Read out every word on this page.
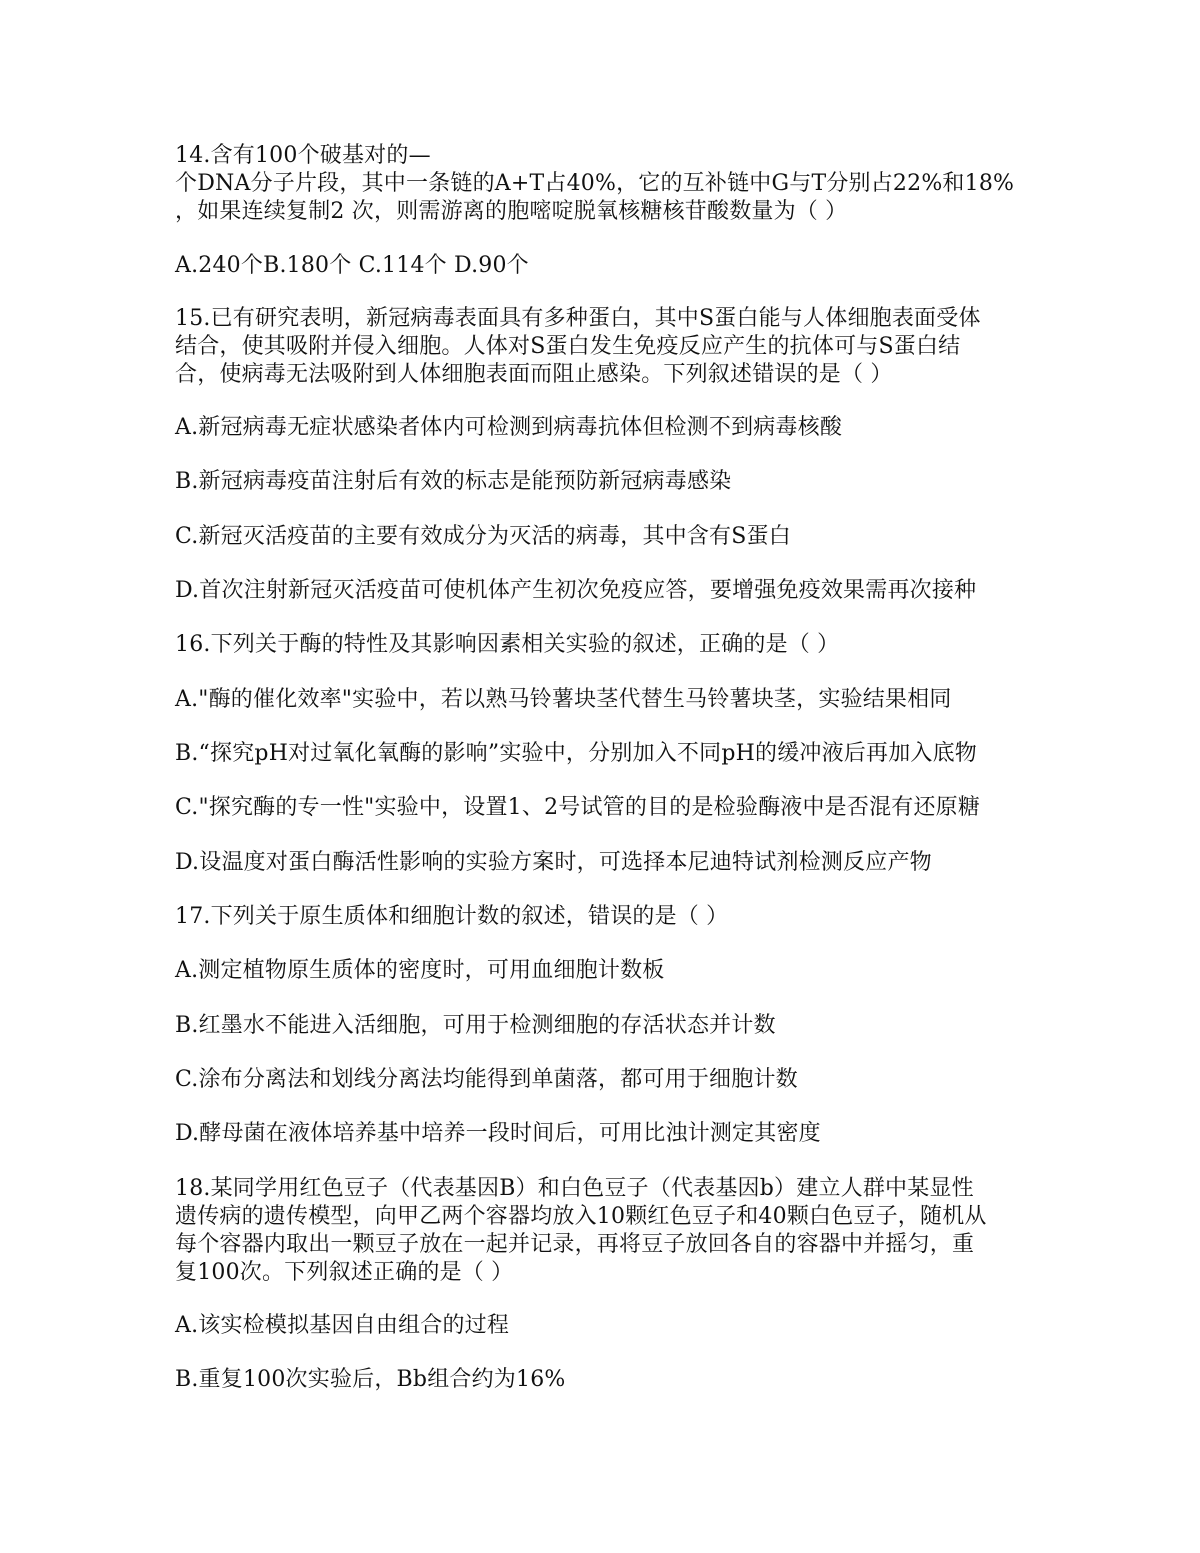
14.含有100个破基对的—
个DNA分子片段，其中一条链的A+T占40%，它的互补链中G与T分别占22%和18%
，如果连续复制2 次，则需游离的胞嘧啶脱氧核糖核苷酸数量为（ ）
A.240个B.180个 C.114个 D.90个
15.已有研究表明，新冠病毒表面具有多种蛋白，其中S蛋白能与人体细胞表面受体
结合，使其吸附并侵入细胞。人体对S蛋白发生免疫反应产生的抗体可与S蛋白结
合，使病毒无法吸附到人体细胞表面而阻止感染。下列叙述错误的是（ ）
A.新冠病毒无症状感染者体内可检测到病毒抗体但检测不到病毒核酸
B.新冠病毒疫苗注射后有效的标志是能预防新冠病毒感染
C.新冠灭活疫苗的主要有效成分为灭活的病毒，其中含有S蛋白
D.首次注射新冠灭活疫苗可使机体产生初次免疫应答，要增强免疫效果需再次接种
16.下列关于酶的特性及其影响因素相关实验的叙述，正确的是（ ）
A."酶的催化效率"实验中，若以熟马铃薯块茎代替生马铃薯块茎，实验结果相同
B.“探究pH对过氧化氧酶的影响”实验中，分别加入不同pH的缓冲液后再加入底物
C."探究酶的专一性"实验中，设置1、2号试管的目的是检验酶液中是否混有还原糖
D.设温度对蛋白酶活性影响的实验方案时，可选择本尼迪特试剂检测反应产物
17.下列关于原生质体和细胞计数的叙述，错误的是（ ）
A.测定植物原生质体的密度时，可用血细胞计数板
B.红墨水不能进入活细胞，可用于检测细胞的存活状态并计数
C.涂布分离法和划线分离法均能得到单菌落，都可用于细胞计数
D.酵母菌在液体培养基中培养一段时间后，可用比浊计测定其密度
18.某同学用红色豆子（代表基因B）和白色豆子（代表基因b）建立人群中某显性
遗传病的遗传模型，向甲乙两个容器均放入10颗红色豆子和40颗白色豆子，随机从
每个容器内取出一颗豆子放在一起并记录，再将豆子放回各自的容器中并摇匀，重
复100次。下列叙述正确的是（ ）
A.该实检模拟基因自由组合的过程
B.重复100次实验后，Bb组合约为16%
